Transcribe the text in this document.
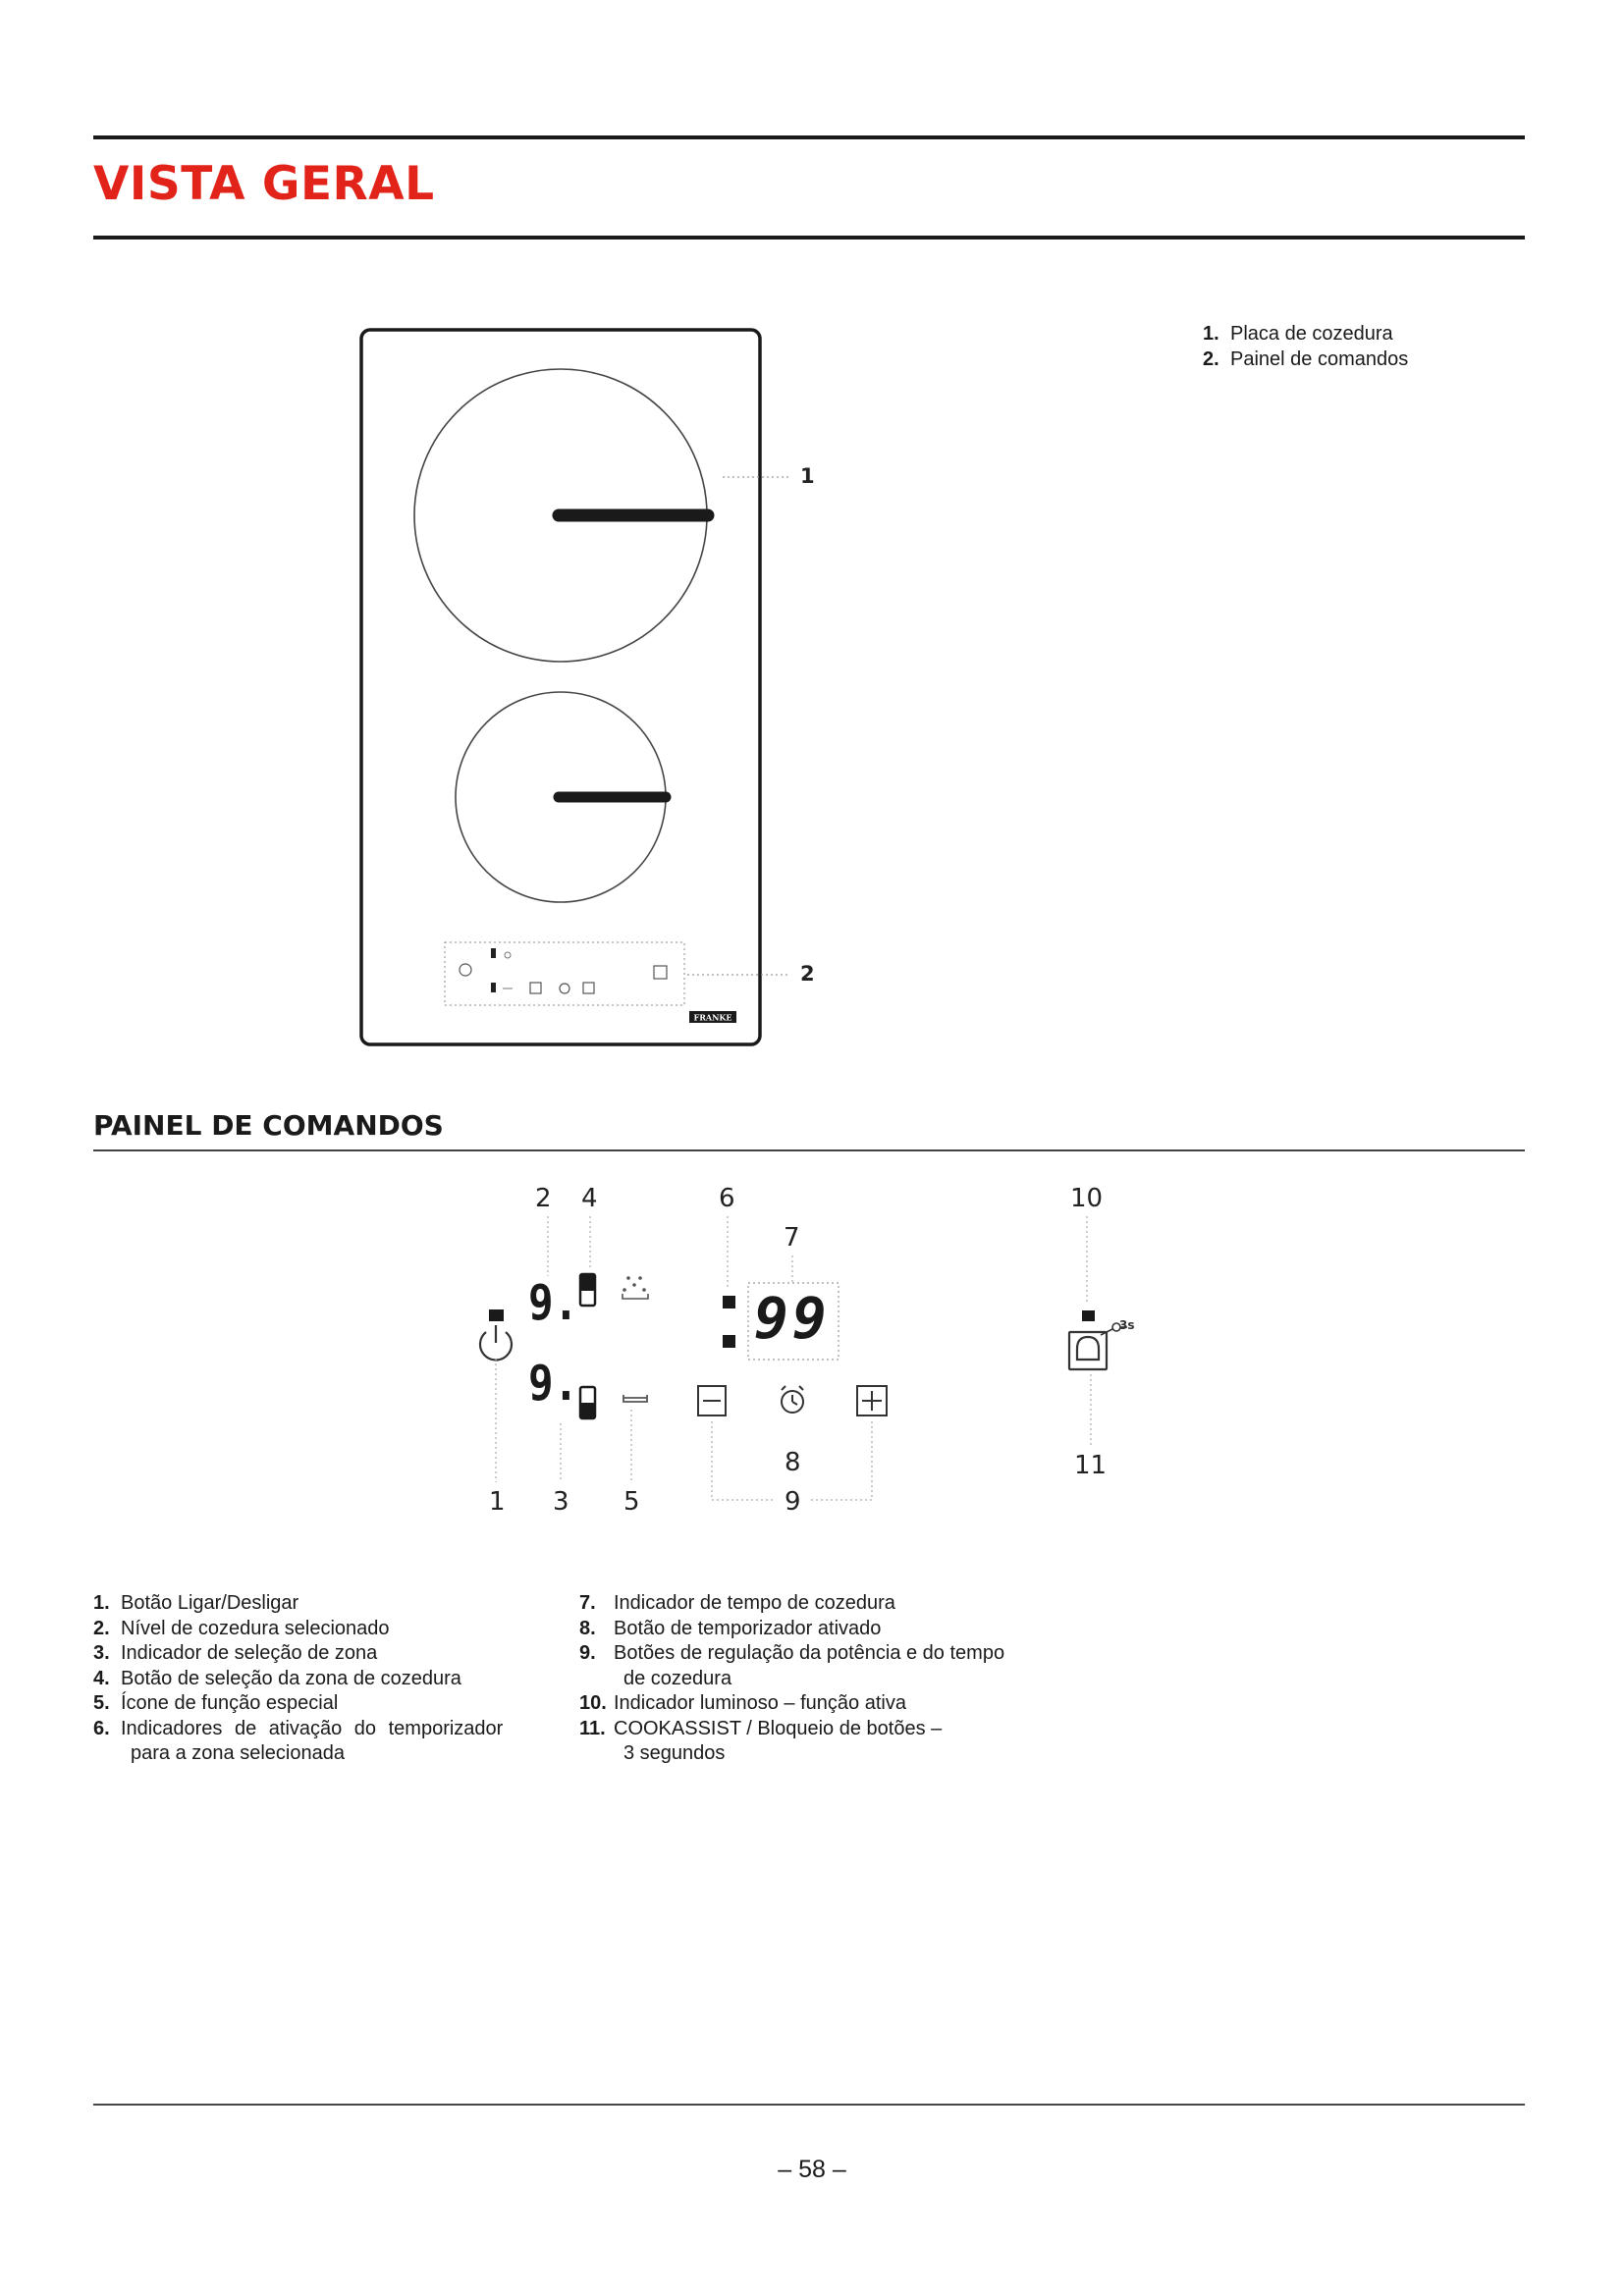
VISTA GERAL
1. Placa de cozedura
2. Painel de comandos
FRANKE
1
2
PAINEL DE COMANDOS
9.
9.
99	3s
2 4	6
7
10
1 3 5
8
9
11
1. Botão Ligar/Desligar
2. Nível de cozedura selecionado
3. Indicador de seleção de zona
4. Botão de seleção da zona de cozedura
5. Ícone de função especial
6. Indicadores de ativação do temporizador
para a zona selecionada
7. Indicador de tempo de cozedura
8. Botão de temporizador ativado
9. Botões de regulação da potência e do tempo
de cozedura
10. Indicador luminoso – função ativa
11. COOKASSIST / Bloqueio de botões –
3 segundos
– 58 –
